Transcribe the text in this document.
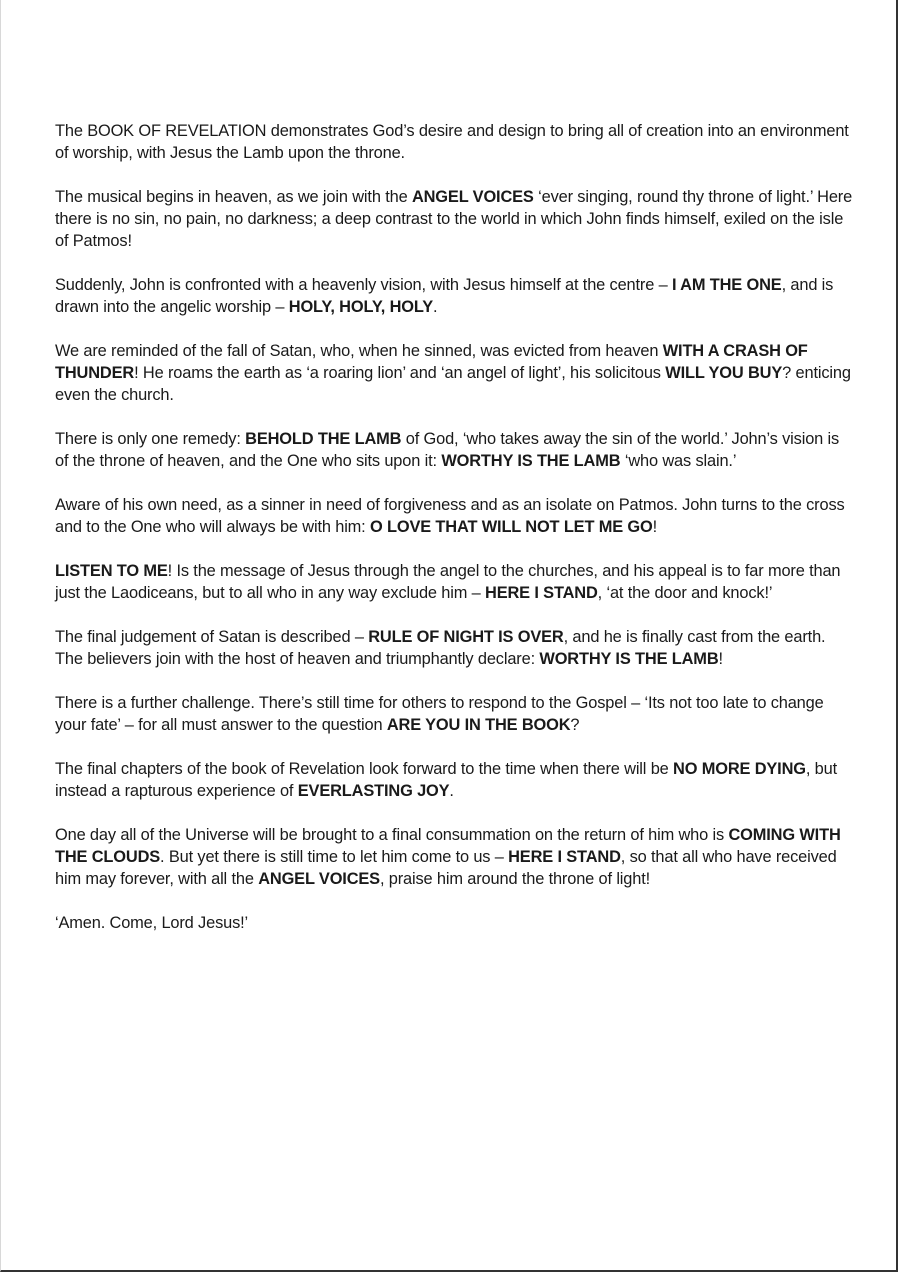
The BOOK OF REVELATION demonstrates God’s desire and design to bring all of creation into an environment of worship, with Jesus the Lamb upon the throne.

The musical begins in heaven, as we join with the ANGEL VOICES ‘ever singing, round thy throne of light.’ Here there is no sin, no pain, no darkness; a deep contrast to the world in which John finds himself, exiled on the isle of Patmos!

Suddenly, John is confronted with a heavenly vision, with Jesus himself at the centre – I AM THE ONE, and is drawn into the angelic worship – HOLY, HOLY, HOLY.

We are reminded of the fall of Satan, who, when he sinned, was evicted from heaven WITH A CRASH OF THUNDER! He roams the earth as ‘a roaring lion’ and ‘an angel of light’, his solicitous WILL YOU BUY? enticing even the church.

There is only one remedy: BEHOLD THE LAMB of God, ‘who takes away the sin of the world.’ John’s vision is of the throne of heaven, and the One who sits upon it: WORTHY IS THE LAMB ‘who was slain.’

Aware of his own need, as a sinner in need of forgiveness and as an isolate on Patmos. John turns to the cross and to the One who will always be with him: O LOVE THAT WILL NOT LET ME GO!

LISTEN TO ME! Is the message of Jesus through the angel to the churches, and his appeal is to far more than just the Laodiceans, but to all who in any way exclude him – HERE I STAND, ‘at the door and knock!’

The final judgement of Satan is described – RULE OF NIGHT IS OVER, and he is finally cast from the earth. The believers join with the host of heaven and triumphantly declare: WORTHY IS THE LAMB!

There is a further challenge. There’s still time for others to respond to the Gospel – ‘Its not too late to change your fate’ – for all must answer to the question ARE YOU IN THE BOOK?

The final chapters of the book of Revelation look forward to the time when there will be NO MORE DYING, but instead a rapturous experience of EVERLASTING JOY.

One day all of the Universe will be brought to a final consummation on the return of him who is COMING WITH THE CLOUDS. But yet there is still time to let him come to us – HERE I STAND, so that all who have received him may forever, with all the ANGEL VOICES, praise him around the throne of light!

‘Amen. Come, Lord Jesus!’
